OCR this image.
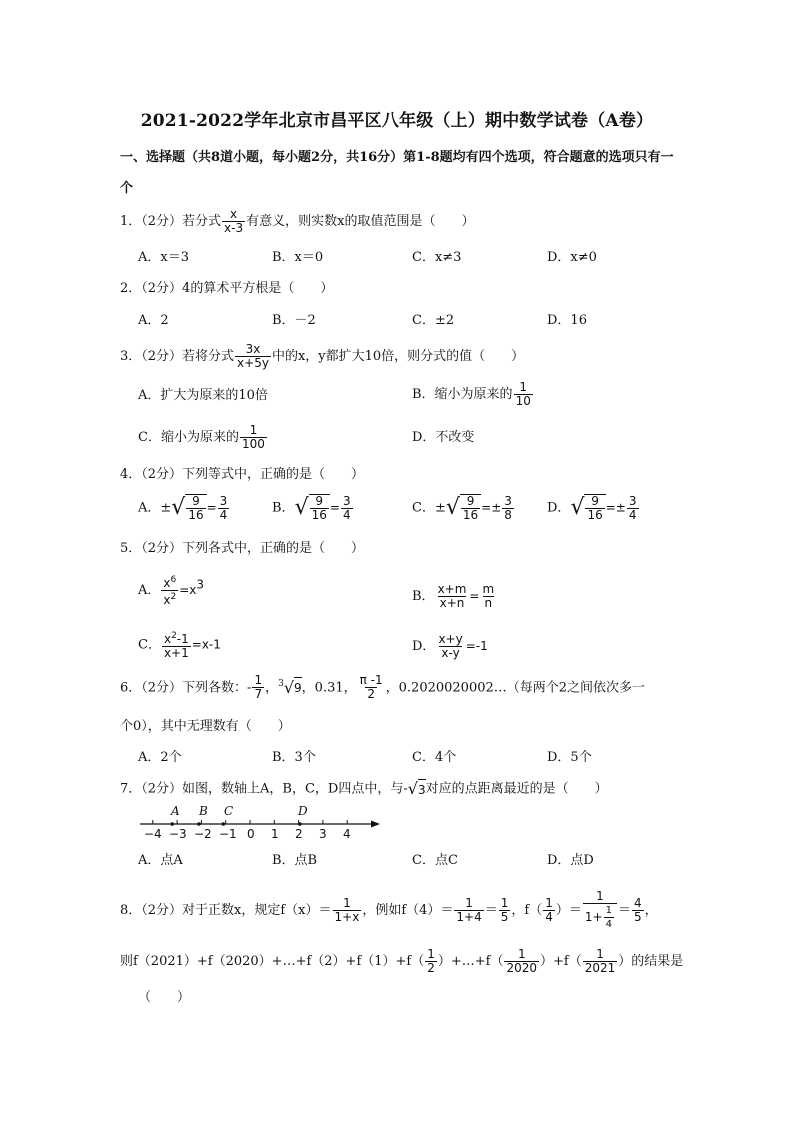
2021-2022学年北京市昌平区八年级（上）期中数学试卷（A卷）
一、选择题（共8道小题，每小题2分，共16分）第1-8题均有四个选项，符合题意的选项只有一个
1．（2分）若分式 $\frac{x}{x-3}$ 有意义，则实数x的取值范围是（　　）
A．x＝3	B．x＝0	C．x≠3	D．x≠0
2．（2分）4的算术平方根是（　　）
A．2	B．－2	C．±2	D．16
3．（2分）若将分式 $\frac{3x}{x+5y}$ 中的x，y都扩大10倍，则分式的值（　　）
A．扩大为原来的10倍	B．缩小为原来的 $\frac{1}{10}$
C．缩小为原来的 $\frac{1}{100}$	D．不改变
4．（2分）下列等式中，正确的是（　　）
A．± √ $\frac{9}{16} = \frac{3}{4}$	B． √ $\frac{9}{16} = \frac{3}{4}$	C．± √ $\frac{9}{16} =\pm \frac{3}{8}$	D． √ $\frac{9}{16} =\pm \frac{3}{4}$
5．（2分）下列各式中，正确的是（　　）
A． $\frac{x^6}{x^2} =x^3$
B． $\frac{x+m}{x+n} = \frac{m}{n}$
C． $\frac{x^2-1}{x+1} =x-1$	D． $\frac{x+y}{x-y} =-1$
6．（2分）下列各数：- $\frac{1}{7}$ ，$^3$ √ 9 ，0.31， $\frac{\pi -1}{2}$ ，0.2020020002…（每两个2之间依次多一
个0），其中无理数有（　　）
A．2个	B．3个	C．4个	D．5个
7．（2分）如图，数轴上A，B，C，D四点中，与- √ 3 对应的点距离最近的是（　　）
A B C	D
−4 −3 −2 −1 0 1 2 3 4
A．点A	B．点B	C．点C	D．点D
8．（2分）对于正数x，规定$f(x)= \frac{1}{1+x}$ ，例如$f(4)= \frac{1}{1+4} = \frac{1}{5}$ ，$f( \frac{1}{4}$ ）＝ $\frac{1}{1+ \frac{1}{4}} = \frac{4}{5}$ ，
则f（2021）+f（2020）+…+f（2）+f（1）+f（ $\frac{1}{2}$ ）+…+f（ $\frac{1}{2020} )+f( \frac{1}{2021}$ ）的结果是
（　　）
